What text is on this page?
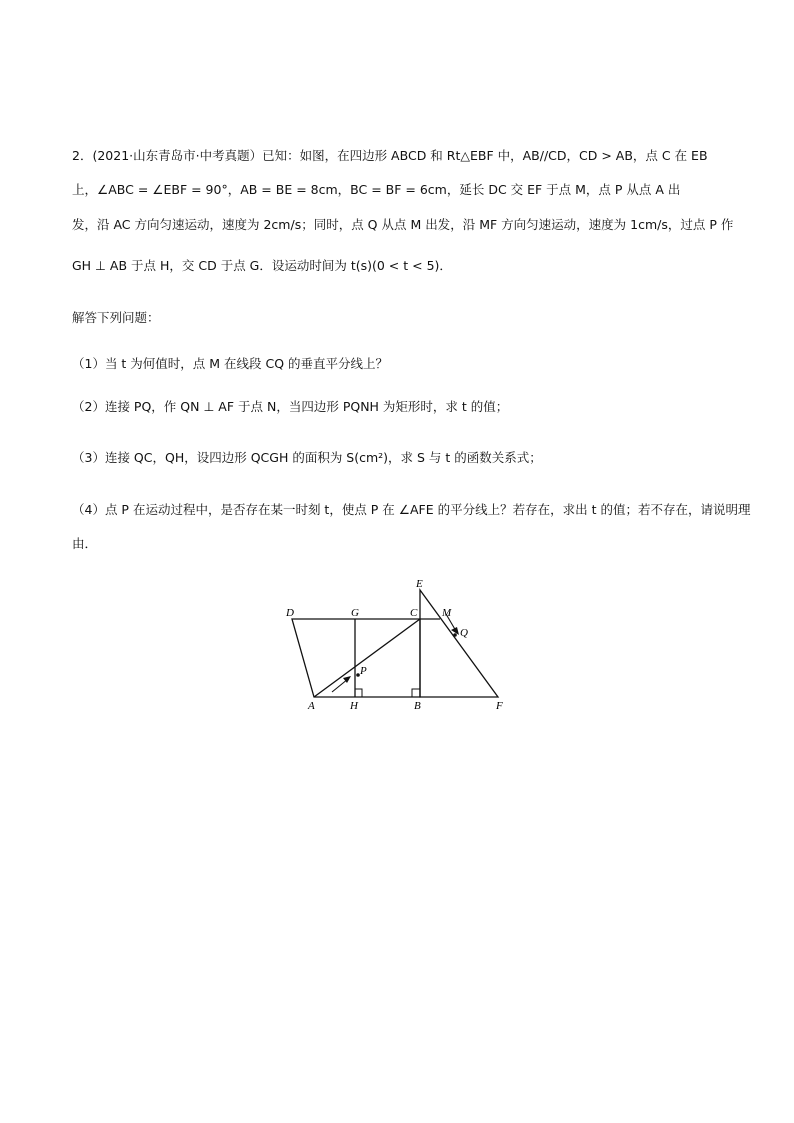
2．(2021·山东青岛市·中考真题）已知：如图，在四边形 ABCD 和 Rt△EBF 中，AB//CD，CD > AB，点 C 在 EB
上，∠ABC = ∠EBF = 90°，AB = BE = 8cm，BC = BF = 6cm，延长 DC 交 EF 于点 M，点 P 从点 A 出
发，沿 AC 方向匀速运动，速度为 2cm/s；同时，点 Q 从点 M 出发，沿 MF 方向匀速运动，速度为 1cm/s，过点 P 作
GH ⊥ AB 于点 H，交 CD 于点 G．设运动时间为 t(s)(0 < t < 5)．
解答下列问题：
（1）当 t 为何值时，点 M 在线段 CQ 的垂直平分线上？
（2）连接 PQ，作 QN ⊥ AF 于点 N，当四边形 PQNH 为矩形时，求 t 的值；
（3）连接 QC，QH，设四边形 QCGH 的面积为 S(cm²)，求 S 与 t 的函数关系式；
（4）点 P 在运动过程中，是否存在某一时刻 t，使点 P 在 ∠AFE 的平分线上？若存在，求出 t 的值；若不存在，请说明理
由．
D	G	C M
E
Q
P
A	H	B	F
